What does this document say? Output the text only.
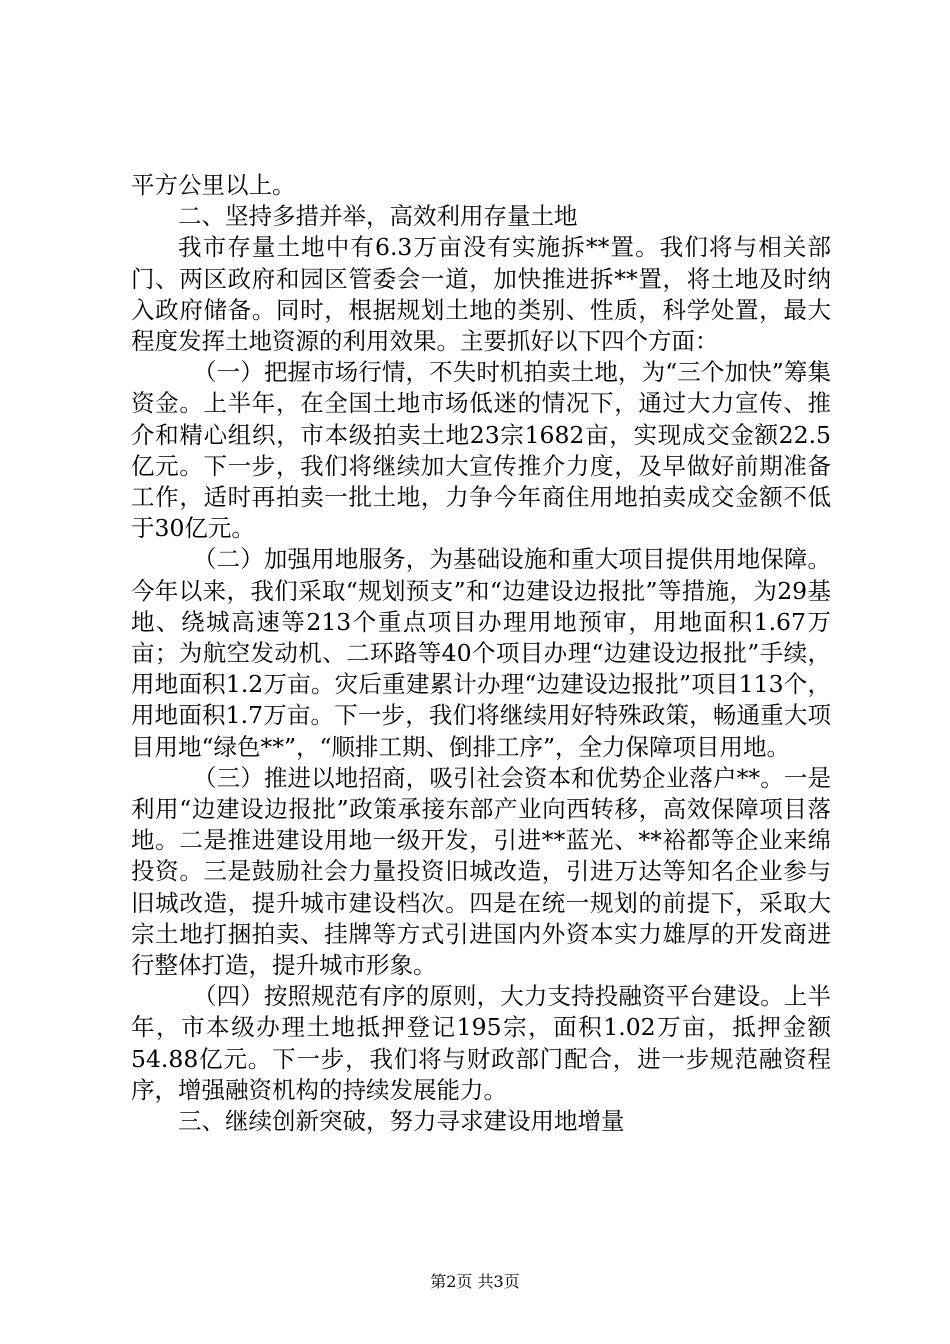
平方公里以上。

二、坚持多措并举，高效利用存量土地

我市存量土地中有6.3万亩没有实施拆**置。我们将与相关部门、两区政府和园区管委会一道，加快推进拆**置，将土地及时纳入政府储备。同时，根据规划土地的类别、性质，科学处置，最大程度发挥土地资源的利用效果。主要抓好以下四个方面：

（一）把握市场行情，不失时机拍卖土地，为“三个加快”筹集资金。上半年，在全国土地市场低迷的情况下，通过大力宣传、推介和精心组织，市本级拍卖土地23宗1682亩，实现成交金额22.5亿元。下一步，我们将继续加大宣传推介力度，及早做好前期准备工作，适时再拍卖一批土地，力争今年商住用地拍卖成交金额不低于30亿元。

（二）加强用地服务，为基础设施和重大项目提供用地保障。今年以来，我们采取“规划预支”和“边建设边报批”等措施，为29基地、绕城高速等213个重点项目办理用地预审，用地面积1.67万亩；为航空发动机、二环路等40个项目办理“边建设边报批”手续，用地面积1.2万亩。灾后重建累计办理“边建设边报批”项目113个，用地面积1.7万亩。下一步，我们将继续用好特殊政策，畅通重大项目用地“绿色**”，“顺排工期、倒排工序”，全力保障项目用地。

（三）推进以地招商，吸引社会资本和优势企业落户**。一是利用“边建设边报批”政策承接东部产业向西转移，高效保障项目落地。二是推进建设用地一级开发，引进**蓝光、**裕都等企业来绵投资。三是鼓励社会力量投资旧城改造，引进万达等知名企业参与旧城改造，提升城市建设档次。四是在统一规划的前提下，采取大宗土地打捆拍卖、挂牌等方式引进国内外资本实力雄厚的开发商进行整体打造，提升城市形象。

（四）按照规范有序的原则，大力支持投融资平台建设。上半年，市本级办理土地抵押登记195宗，面积1.02万亩，抵押金额54.88亿元。下一步，我们将与财政部门配合，进一步规范融资程序，增强融资机构的持续发展能力。

三、继续创新突破，努力寻求建设用地增量

第2页 共3页
